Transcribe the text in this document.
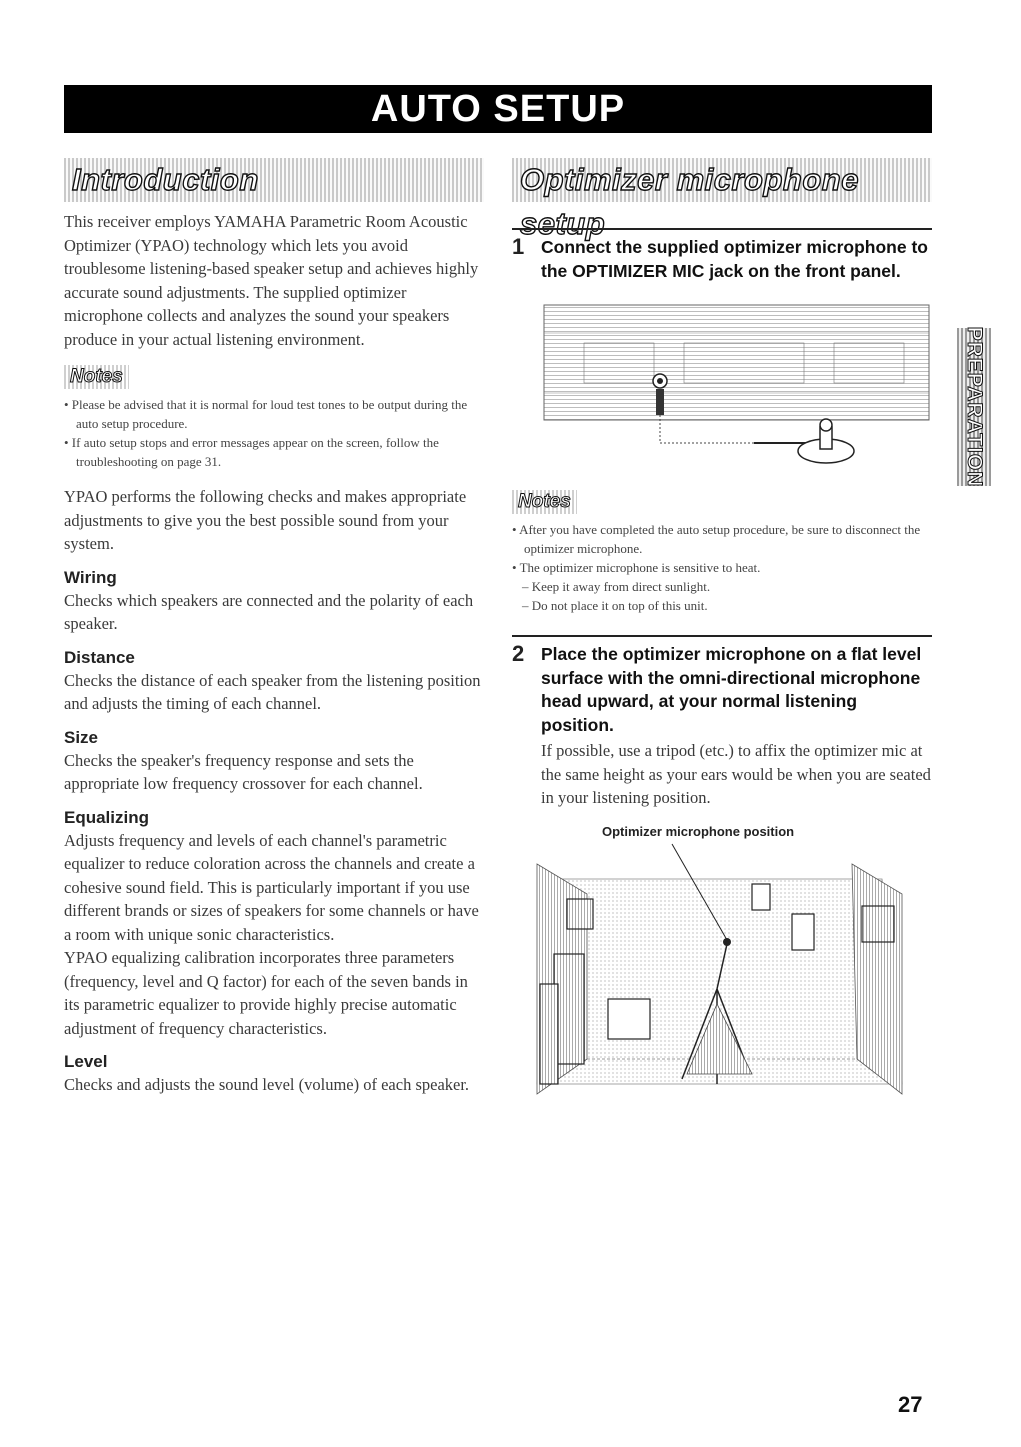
AUTO SETUP
Introduction

This receiver employs YAMAHA Parametric Room Acoustic Optimizer (YPAO) technology which lets you avoid troublesome listening-based speaker setup and achieves highly accurate sound adjustments. The supplied optimizer microphone collects and analyzes the sound your speakers produce in your actual listening environment.

Notes
• Please be advised that it is normal for loud test tones to be output during the auto setup procedure.
• If auto setup stops and error messages appear on the screen, follow the troubleshooting on page 31.

YPAO performs the following checks and makes appropriate adjustments to give you the best possible sound from your system.

Wiring

Checks which speakers are connected and the polarity of each speaker.

Distance

Checks the distance of each speaker from the listening position and adjusts the timing of each channel.

Size

Checks the speaker's frequency response and sets the appropriate low frequency crossover for each channel.

Equalizing

Adjusts frequency and levels of each channel's parametric equalizer to reduce coloration across the channels and create a cohesive sound field. This is particularly important if you use different brands or sizes of speakers for some channels or have a room with unique sonic characteristics.

YPAO equalizing calibration incorporates three parameters (frequency, level and Q factor) for each of the seven bands in its parametric equalizer to provide highly precise automatic adjustment of frequency characteristics.

Level

Checks and adjusts the sound level (volume) of each speaker.

Optimizer microphone setup
1 Connect the supplied optimizer microphone to the OPTIMIZER MIC jack on the front panel.
Notes
• After you have completed the auto setup procedure, be sure to disconnect the optimizer microphone.
• The optimizer microphone is sensitive to heat.
– Keep it away from direct sunlight.
– Do not place it on top of this unit.
2 Place the optimizer microphone on a flat level surface with the omni-directional microphone head upward, at your normal listening position.

If possible, use a tripod (etc.) to affix the optimizer mic at the same height as your ears would be when you are seated in your listening position.

Optimizer microphone position
PREPARATION
27
